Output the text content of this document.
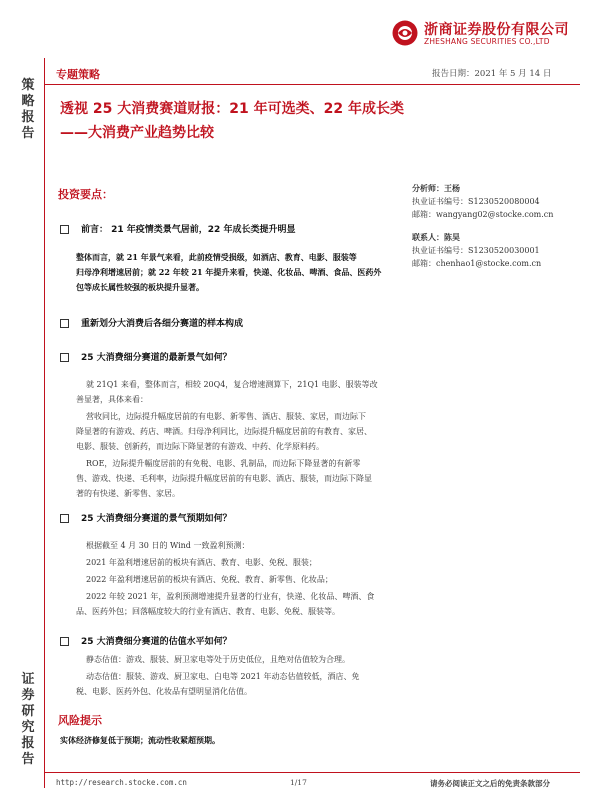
浙商证券股份有限公司
ZHESHANG SECURITIES CO.,LTD
策
略
报
告
证
券
研
究
报
告
专题策略	报告日期：2021 年 5 月 14 日
透视 25 大消费赛道财报：21 年可选类、22 年成长类
——大消费产业趋势比较
分析师：王杨
执业证书编号：S1230520080004
邮箱：wangyang02@stocke.com.cn
联系人：陈昊
执业证书编号：S1230520030001
邮箱：chenhao1@stocke.com.cn
投资要点：
前言： 21 年疫情类景气居前，22 年成长类提升明显
整体而言，就 21 年景气来看，此前疫情受损级，如酒店、教育、电影、服装等
归母净利增速居前；就 22 年较 21 年提升来看，快递、化妆品、啤酒、食品、医药外
包等成长属性较强的板块提升显著。
重新划分大消费后各细分赛道的样本构成
25 大消费细分赛道的最新景气如何？
就 21Q1 来看，整体而言，相较 20Q4，复合增速测算下，21Q1 电影、服装等改
善显著，具体来看：
营收同比，边际提升幅度居前的有电影、新零售、酒店、服装、家居，而边际下
降显著的有游戏、药店、啤酒。归母净利同比，边际提升幅度居前的有教育、家居、
电影、服装、创新药，而边际下降显著的有游戏、中药、化学原料药。
ROE，边际提升幅度居前的有免税、电影、乳制品，而边际下降显著的有新零
售、游戏、快递、毛利率，边际提升幅度居前的有电影、酒店、服装，而边际下降显
著的有快递、新零售、家居。
25 大消费细分赛道的景气预期如何？
根据截至 4 月 30 日的 Wind 一致盈利预测：
2021 年盈利增速居前的板块有酒店、教育、电影、免税、服装；
2022 年盈利增速居前的板块有酒店、免税、教育、新零售、化妆品；
2022 年较 2021 年，盈利预测增速提升显著的行业有，快递、化妆品、啤酒、食
品、医药外包；回落幅度较大的行业有酒店、教育、电影、免税、服装等。
25 大消费细分赛道的估值水平如何？
静态估值：游戏、服装、厨卫家电等处于历史低位，且绝对估值较为合理。
动态估值：服装、游戏、厨卫家电、白电等 2021 年动态估值较低，酒店、免
税、电影、医药外包、化妆品有望明显消化估值。
风险提示
实体经济修复低于预期；流动性收紧超预期。
http://research.stocke.com.cn	1/17	请务必阅读正文之后的免责条款部分
